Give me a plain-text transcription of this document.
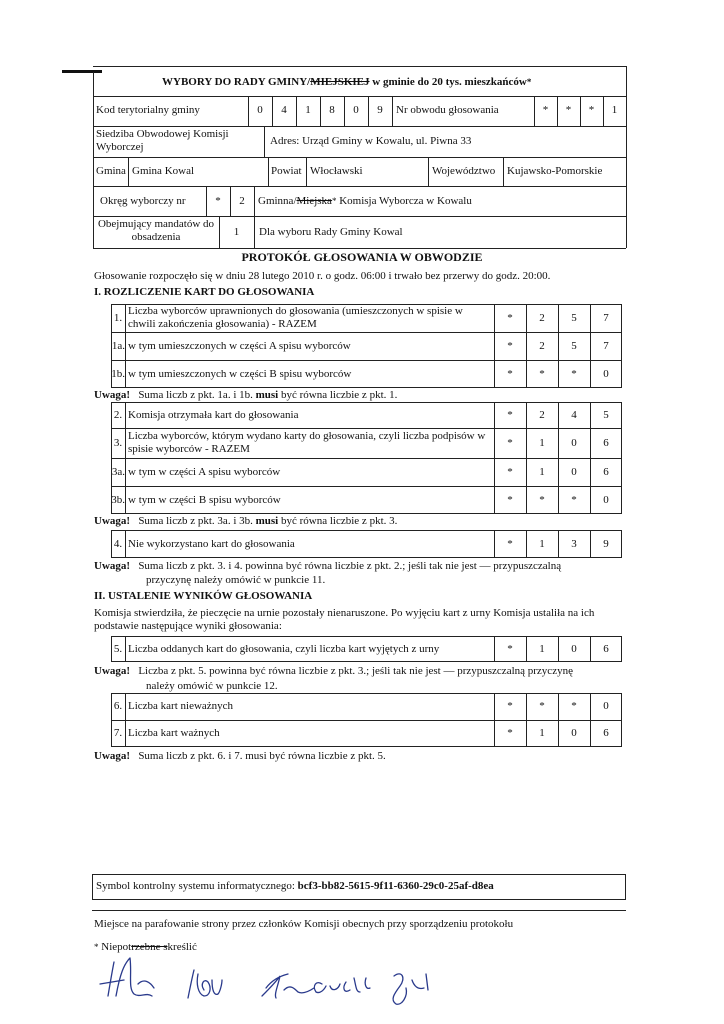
WYBORY DO RADY GMINY/MIEJSKIEJ w gminie do 20 tys. mieszkańców*
Kod terytorialny gminy	0	4	1	8	0	9	Nr obwodu głosowania	*	*	*	1
Siedziba Obwodowej Komisji Wyborczej	Adres: Urząd Gminy w Kowalu, ul. Piwna 33
Gmina Gmina Kowal	Powiat Włocławski	Województwo Kujawsko-Pomorskie
Okręg wyborczy nr	*	2	Gminna/Miejska* Komisja Wyborcza w Kowalu
Obejmujący mandatów do obsadzenia	1	Dla wyboru Rady Gminy Kowal
PROTOKÓŁ GŁOSOWANIA W OBWODZIE
Głosowanie rozpoczęło się w dniu 28 lutego 2010 r. o godz. 06:00 i trwało bez przerwy do godz. 20:00.
I. ROZLICZENIE KART DO GŁOSOWANIA
1.
Liczba wyborców uprawnionych do głosowania (umieszczonych w spisie w chwili zakończenia głosowania) - RAZEM	*	2	5	7
1a. w tym umieszczonych w części A spisu wyborców	*	2	5	7
1b. w tym umieszczonych w części B spisu wyborców	*	*	*	0
Uwaga! Suma liczb z pkt. 1a. i 1b. musi być równa liczbie z pkt. 1.
2. Komisja otrzymała kart do głosowania	*	2	4	5
3.
Liczba wyborców, którym wydano karty do głosowania, czyli liczba podpisów w spisie wyborców - RAZEM	*	1	0	6
3a. w tym w części A spisu wyborców	*	1	0	6
3b. w tym w części B spisu wyborców	*	*	*	0
Uwaga! Suma liczb z pkt. 3a. i 3b. musi być równa liczbie z pkt. 3.
4. Nie wykorzystano kart do głosowania	*	1	3	9
Uwaga! Suma liczb z pkt. 3. i 4. powinna być równa liczbie z pkt. 2.; jeśli tak nie jest — przypuszczalną
przyczynę należy omówić w punkcie 11.
II. USTALENIE WYNIKÓW GŁOSOWANIA
Komisja stwierdziła, że pieczęcie na urnie pozostały nienaruszone. Po wyjęciu kart z urny Komisja ustaliła na ich podstawie następujące wyniki głosowania:
5. Liczba oddanych kart do głosowania, czyli liczba kart wyjętych z urny	*	1	0	6
Uwaga! Liczba z pkt. 5. powinna być równa liczbie z pkt. 3.; jeśli tak nie jest — przypuszczalną przyczynę
należy omówić w punkcie 12.
6. Liczba kart nieważnych	*	*	*	0
7. Liczba kart ważnych	*	1	0	6
Uwaga! Suma liczb z pkt. 6. i 7. musi być równa liczbie z pkt. 5.
Symbol kontrolny systemu informatycznego: bcf3-bb82-5615-9f11-6360-29c0-25af-d8ea
Miejsce na parafowanie strony przez członków Komisji obecnych przy sporządzeniu protokołu
* Niepotrzebne skreślić
